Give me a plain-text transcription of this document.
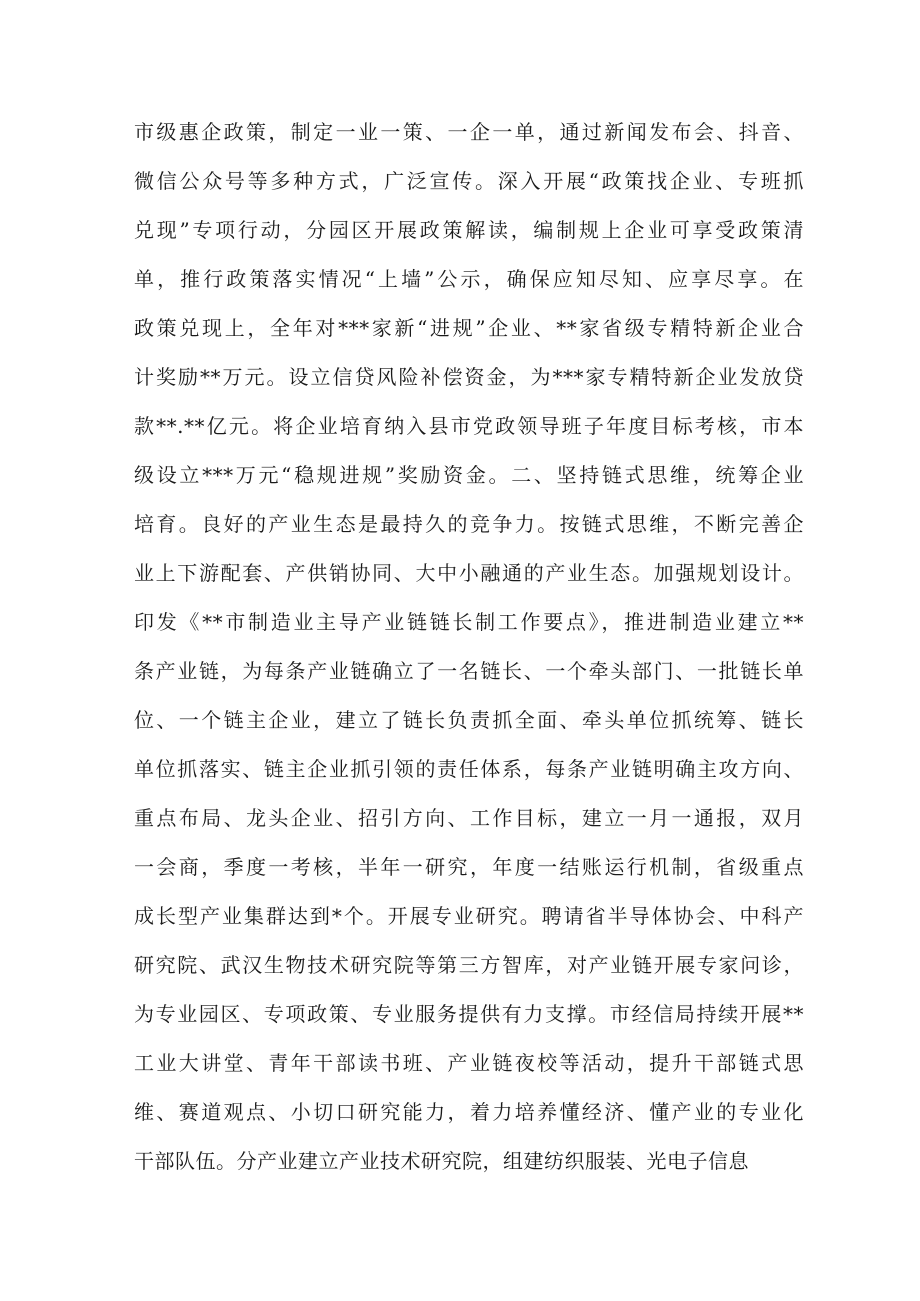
市级惠企政策，制定一业一策、一企一单，通过新闻发布会、抖音、
微信公众号等多种方式，广泛宣传。深入开展“政策找企业、专班抓
兑现”专项行动，分园区开展政策解读，编制规上企业可享受政策清
单，推行政策落实情况“上墙”公示，确保应知尽知、应享尽享。在
政策兑现上，全年对***家新“进规”企业、**家省级专精特新企业合
计奖励**万元。设立信贷风险补偿资金，为***家专精特新企业发放贷
款**.**亿元。将企业培育纳入县市党政领导班子年度目标考核，市本
级设立***万元“稳规进规”奖励资金。二、坚持链式思维，统筹企业
培育。良好的产业生态是最持久的竞争力。按链式思维，不断完善企
业上下游配套、产供销协同、大中小融通的产业生态。加强规划设计。
印发《**市制造业主导产业链链长制工作要点》，推进制造业建立**
条产业链，为每条产业链确立了一名链长、一个牵头部门、一批链长单
位、一个链主企业，建立了链长负责抓全面、牵头单位抓统筹、链长
单位抓落实、链主企业抓引领的责任体系，每条产业链明确主攻方向、
重点布局、龙头企业、招引方向、工作目标，建立一月一通报，双月
一会商，季度一考核，半年一研究，年度一结账运行机制，省级重点
成长型产业集群达到*个。开展专业研究。聘请省半导体协会、中科产
研究院、武汉生物技术研究院等第三方智库，对产业链开展专家问诊，
为专业园区、专项政策、专业服务提供有力支撑。市经信局持续开展**
工业大讲堂、青年干部读书班、产业链夜校等活动，提升干部链式思
维、赛道观点、小切口研究能力，着力培养懂经济、懂产业的专业化
干部队伍。分产业建立产业技术研究院，组建纺织服装、光电子信息
